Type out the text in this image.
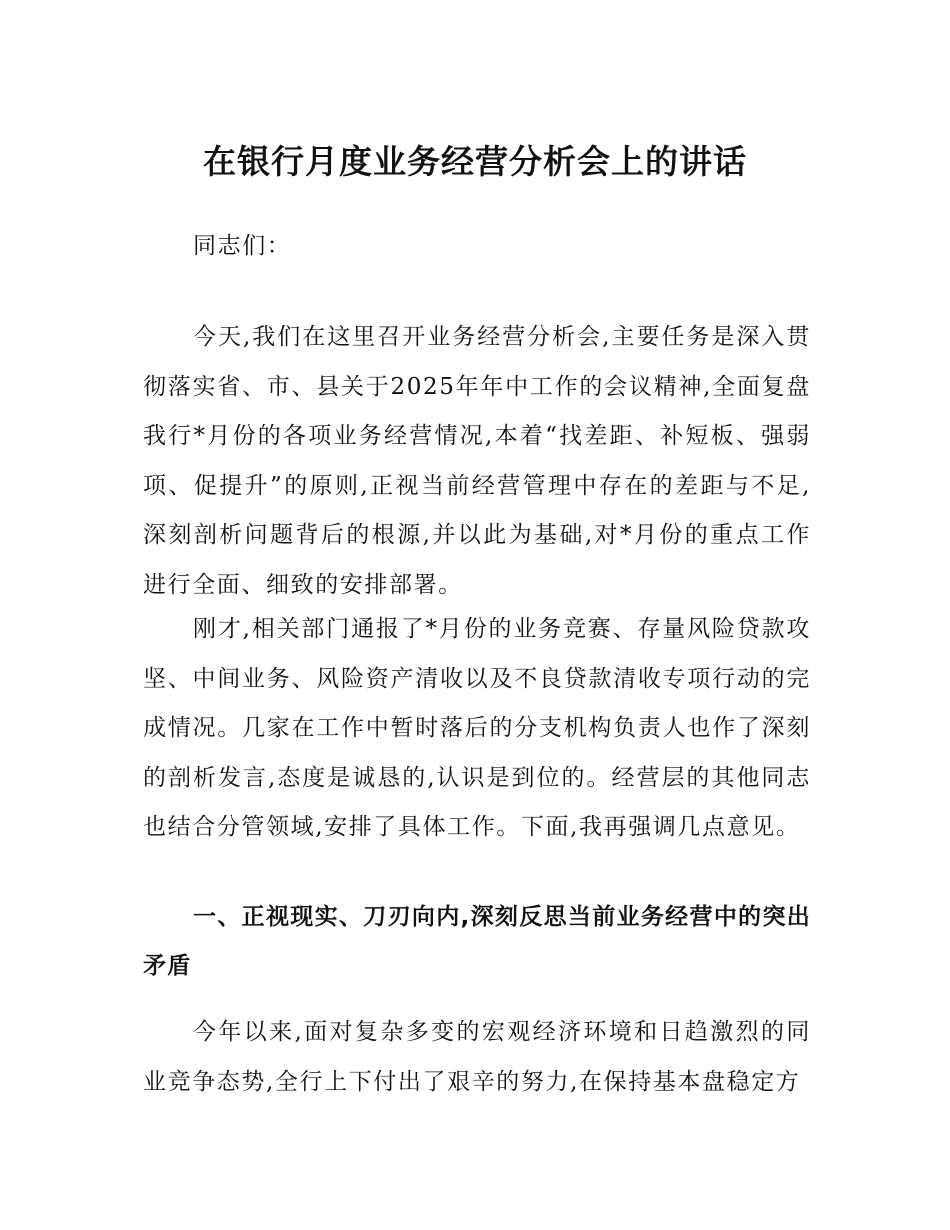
在银行月度业务经营分析会上的讲话

同志们：

今天,我们在这里召开业务经营分析会,主要任务是深入贯彻落实省、市、县关于2025年年中工作的会议精神,全面复盘我行*月份的各项业务经营情况,本着“找差距、补短板、强弱项、促提升”的原则,正视当前经营管理中存在的差距与不足,深刻剖析问题背后的根源,并以此为基础,对*月份的重点工作进行全面、细致的安排部署。

刚才,相关部门通报了*月份的业务竞赛、存量风险贷款攻坚、中间业务、风险资产清收以及不良贷款清收专项行动的完成情况。几家在工作中暂时落后的分支机构负责人也作了深刻的剖析发言,态度是诚恳的,认识是到位的。经营层的其他同志也结合分管领域,安排了具体工作。下面,我再强调几点意见。

一、正视现实、刀刃向内,深刻反思当前业务经营中的突出矛盾

今年以来,面对复杂多变的宏观经济环境和日趋激烈的同业竞争态势,全行上下付出了艰辛的努力,在保持基本盘稳定方
